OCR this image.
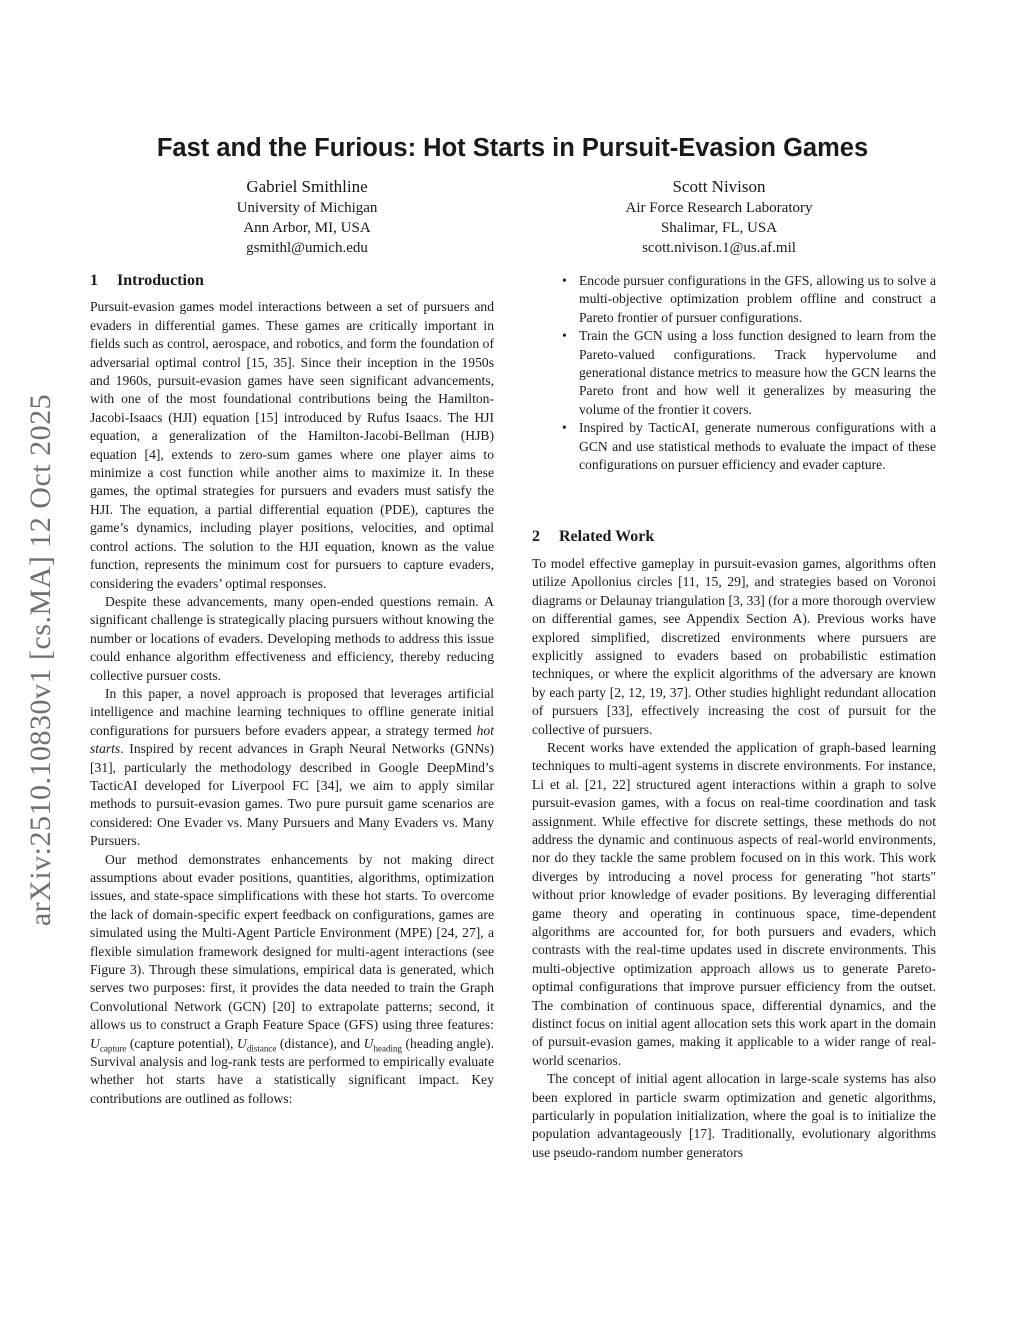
arXiv:2510.10830v1 [cs.MA] 12 Oct 2025
Fast and the Furious: Hot Starts in Pursuit-Evasion Games
Gabriel Smithline
University of Michigan
Ann Arbor, MI, USA
gsmithl@umich.edu
Scott Nivison
Air Force Research Laboratory
Shalimar, FL, USA
scott.nivison.1@us.af.mil
1 Introduction

Pursuit-evasion games model interactions between a set of pursuers and evaders in differential games. These games are critically important in fields such as control, aerospace, and robotics, and form the foundation of adversarial optimal control [15, 35]. Since their inception in the 1950s and 1960s, pursuit-evasion games have seen significant advancements, with one of the most foundational contributions being the Hamilton-Jacobi-Isaacs (HJI) equation [15] introduced by Rufus Isaacs. The HJI equation, a generalization of the Hamilton-Jacobi-Bellman (HJB) equation [4], extends to zero-sum games where one player aims to minimize a cost function while another aims to maximize it. In these games, the optimal strategies for pursuers and evaders must satisfy the HJI. The equation, a partial differential equation (PDE), captures the game’s dynamics, including player positions, velocities, and optimal control actions. The solution to the HJI equation, known as the value function, represents the minimum cost for pursuers to capture evaders, considering the evaders’ optimal responses.

Despite these advancements, many open-ended questions remain. A significant challenge is strategically placing pursuers without knowing the number or locations of evaders. Developing methods to address this issue could enhance algorithm effectiveness and efficiency, thereby reducing collective pursuer costs.

In this paper, a novel approach is proposed that leverages artificial intelligence and machine learning techniques to offline generate initial configurations for pursuers before evaders appear, a strategy termed hot starts. Inspired by recent advances in Graph Neural Networks (GNNs) [31], particularly the methodology described in Google DeepMind’s TacticAI developed for Liverpool FC [34], we aim to apply similar methods to pursuit-evasion games. Two pure pursuit game scenarios are considered: One Evader vs. Many Pursuers and Many Evaders vs. Many Pursuers.

Our method demonstrates enhancements by not making direct assumptions about evader positions, quantities, algorithms, optimization issues, and state-space simplifications with these hot starts. To overcome the lack of domain-specific expert feedback on configurations, games are simulated using the Multi-Agent Particle Environment (MPE) [24, 27], a flexible simulation framework designed for multi-agent interactions (see Figure 3). Through these simulations, empirical data is generated, which serves two purposes: first, it provides the data needed to train the Graph Convolutional Network (GCN) [20] to extrapolate patterns; second, it allows us to construct a Graph Feature Space (GFS) using three features: $U_{capture}$ (capture potential), $U_{distance}$ (distance), and $U_{heading}$ (heading angle). Survival analysis and log-rank tests are performed to empirically evaluate whether hot starts have a statistically significant impact. Key contributions are outlined as follows:

• Encode pursuer configurations in the GFS, allowing us to solve a multi-objective optimization problem offline and construct a Pareto frontier of pursuer configurations.
• Train the GCN using a loss function designed to learn from the Pareto-valued configurations. Track hypervolume and generational distance metrics to measure how the GCN learns the Pareto front and how well it generalizes by measuring the volume of the frontier it covers.
• Inspired by TacticAI, generate numerous configurations with a GCN and use statistical methods to evaluate the impact of these configurations on pursuer efficiency and evader capture.
2 Related Work

To model effective gameplay in pursuit-evasion games, algorithms often utilize Apollonius circles [11, 15, 29], and strategies based on Voronoi diagrams or Delaunay triangulation [3, 33] (for a more thorough overview on differential games, see Appendix Section A). Previous works have explored simplified, discretized environments where pursuers are explicitly assigned to evaders based on probabilistic estimation techniques, or where the explicit algorithms of the adversary are known by each party [2, 12, 19, 37]. Other studies highlight redundant allocation of pursuers [33], effectively increasing the cost of pursuit for the collective of pursuers.

Recent works have extended the application of graph-based learning techniques to multi-agent systems in discrete environments. For instance, Li et al. [21, 22] structured agent interactions within a graph to solve pursuit-evasion games, with a focus on real-time coordination and task assignment. While effective for discrete settings, these methods do not address the dynamic and continuous aspects of real-world environments, nor do they tackle the same problem focused on in this work. This work diverges by introducing a novel process for generating "hot starts" without prior knowledge of evader positions. By leveraging differential game theory and operating in continuous space, time-dependent algorithms are accounted for, for both pursuers and evaders, which contrasts with the real-time updates used in discrete environments. This multi-objective optimization approach allows us to generate Pareto-optimal configurations that improve pursuer efficiency from the outset. The combination of continuous space, differential dynamics, and the distinct focus on initial agent allocation sets this work apart in the domain of pursuit-evasion games, making it applicable to a wider range of real-world scenarios.

The concept of initial agent allocation in large-scale systems has also been explored in particle swarm optimization and genetic algorithms, particularly in population initialization, where the goal is to initialize the population advantageously [17]. Traditionally, evolutionary algorithms use pseudo-random number generators
